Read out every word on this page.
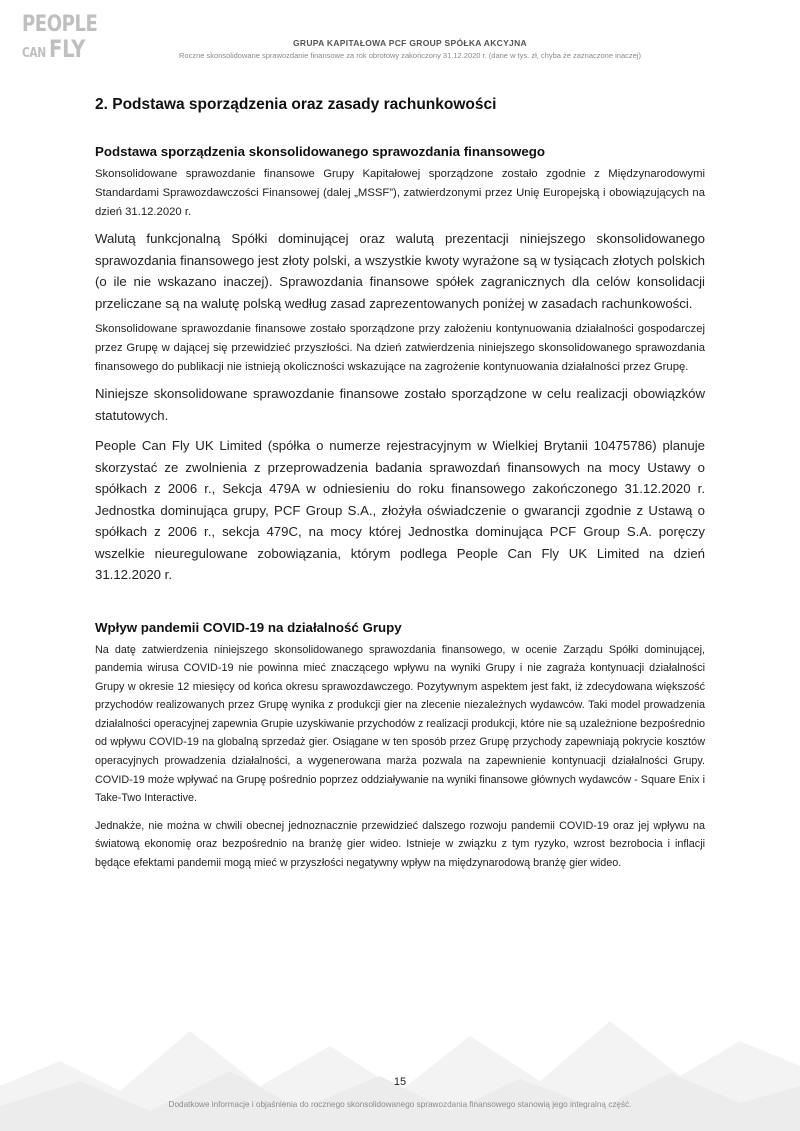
PEOPLE
CAN FLY	GRUPA KAPITAŁOWA PCF GROUP SPÓŁKA AKCYJNA
Roczne skonsolidowane sprawozdanie finansowe za rok obrotowy zakończony 31.12.2020 r. (dane w tys. zł, chyba że zaznaczone inaczej)
2. Podstawa sporządzenia oraz zasady rachunkowości
Podstawa sporządzenia skonsolidowanego sprawozdania finansowego

Skonsolidowane sprawozdanie finansowe Grupy Kapitałowej sporządzone zostało zgodnie z Międzynarodowymi Standardami Sprawozdawczości Finansowej (dalej „MSSF”), zatwierdzonymi przez Unię Europejską i obowiązujących na dzień 31.12.2020 r.

Walutą funkcjonalną Spółki dominującej oraz walutą prezentacji niniejszego skonsolidowanego sprawozdania finansowego jest złoty polski, a wszystkie kwoty wyrażone są w tysiącach złotych polskich (o ile nie wskazano inaczej). Sprawozdania finansowe spółek zagranicznych dla celów konsolidacji przeliczane są na walutę polską według zasad zaprezentowanych poniżej w zasadach rachunkowości.

Skonsolidowane sprawozdanie finansowe zostało sporządzone przy założeniu kontynuowania działalności gospodarczej przez Grupę w dającej się przewidzieć przyszłości. Na dzień zatwierdzenia niniejszego skonsolidowanego sprawozdania finansowego do publikacji nie istnieją okoliczności wskazujące na zagrożenie kontynuowania działalności przez Grupę.

Niniejsze skonsolidowane sprawozdanie finansowe zostało sporządzone w celu realizacji obowiązków statutowych.

People Can Fly UK Limited (spółka o numerze rejestracyjnym w Wielkiej Brytanii 10475786) planuje skorzystać ze zwolnienia z przeprowadzenia badania sprawozdań finansowych na mocy Ustawy o spółkach z 2006 r., Sekcja 479A w odniesieniu do roku finansowego zakończonego 31.12.2020 r. Jednostka dominująca grupy, PCF Group S.A., złożyła oświadczenie o gwarancji zgodnie z Ustawą o spółkach z 2006 r., sekcja 479C, na mocy której Jednostka dominująca PCF Group S.A. poręczy wszelkie nieuregulowane zobowiązania, którym podlega People Can Fly UK Limited na dzień 31.12.2020 r.

Wpływ pandemii COVID-19 na działalność Grupy

Na datę zatwierdzenia niniejszego skonsolidowanego sprawozdania finansowego, w ocenie Zarządu Spółki dominującej, pandemia wirusa COVID-19 nie powinna mieć znaczącego wpływu na wyniki Grupy i nie zagraża kontynuacji działalności Grupy w okresie 12 miesięcy od końca okresu sprawozdawczego. Pozytywnym aspektem jest fakt, iż zdecydowana większość przychodów realizowanych przez Grupę wynika z produkcji gier na zlecenie niezależnych wydawców. Taki model prowadzenia działalności operacyjnej zapewnia Grupie uzyskiwanie przychodów z realizacji produkcji, które nie są uzależnione bezpośrednio od wpływu COVID-19 na globalną sprzedaż gier. Osiągane w ten sposób przez Grupę przychody zapewniają pokrycie kosztów operacyjnych prowadzenia działalności, a wygenerowana marża pozwala na zapewnienie kontynuacji działalności Grupy. COVID-19 może wpływać na Grupę pośrednio poprzez oddziaływanie na wyniki finansowe głównych wydawców - Square Enix i Take-Two Interactive.

Jednakże, nie można w chwili obecnej jednoznacznie przewidzieć dalszego rozwoju pandemii COVID-19 oraz jej wpływu na światową ekonomię oraz bezpośrednio na branżę gier wideo. Istnieje w związku z tym ryzyko, wzrost bezrobocia i inflacji będące efektami pandemii mogą mieć w przyszłości negatywny wpływ na międzynarodową branżę gier wideo.

15
Dodatkowe informacje i objaśnienia do rocznego skonsolidowanego sprawozdania finansowego stanowią jego integralną część.
